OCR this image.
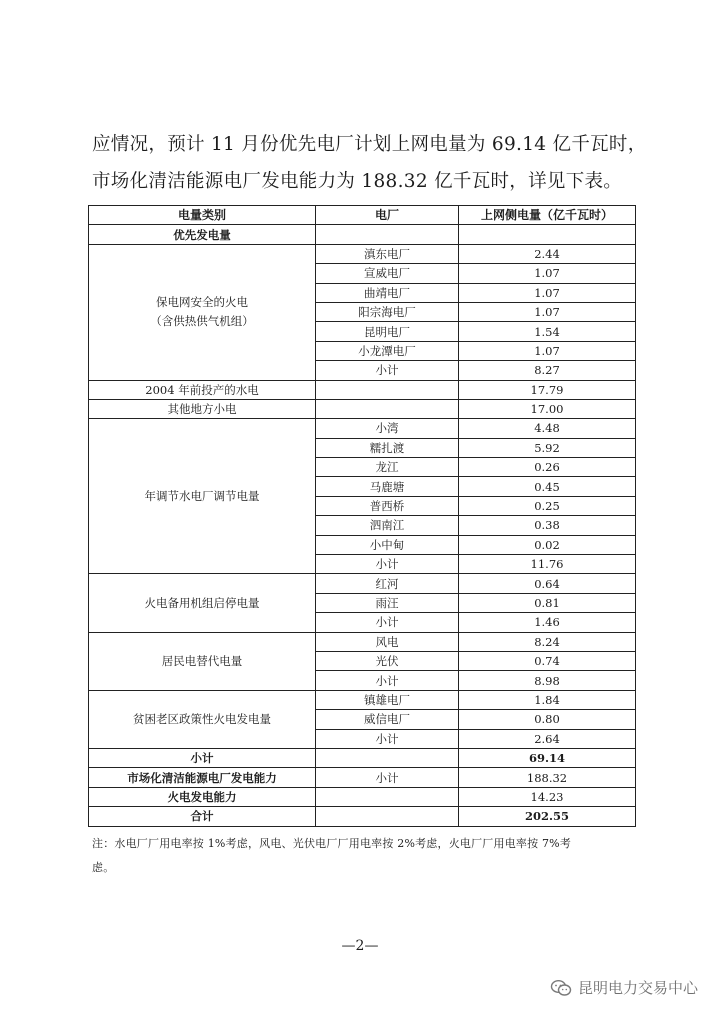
应情况，预计 11 月份优先电厂计划上网电量为 69.14 亿千瓦时，
市场化清洁能源电厂发电能力为 188.32 亿千瓦时，详见下表。
电量类别	电厂	上网侧电量（亿千瓦时）
优先发电量		

保电网安全的火电
（含供热供气机组）	滇东电厂	2.44
	宣威电厂	1.07
	曲靖电厂	1.07
	阳宗海电厂	1.07
	昆明电厂	1.54
	小龙潭电厂	1.07
	小计	8.27
2004 年前投产的水电		17.79
其他地方小电		17.00
年调节水电厂调节电量	小湾	4.48
	糯扎渡	5.92
	龙江	0.26
	马鹿塘	0.45
	普西桥	0.25
	泗南江	0.38
	小中甸	0.02
	小计	11.76
火电备用机组启停电量	红河	0.64
	雨汪	0.81
	小计	1.46
居民电替代电量	风电	8.24
	光伏	0.74
	小计	8.98
贫困老区政策性火电发电量	镇雄电厂	1.84
	威信电厂	0.80
	小计	2.64
小计		69.14
市场化清洁能源电厂发电能力	小计	188.32
火电发电能力		14.23
合计		202.55
注：水电厂厂用电率按 1%考虑，风电、光伏电厂厂用电率按 2%考虑，火电厂厂用电率按 7%考
虑。
—2—
昆明电力交易中心
